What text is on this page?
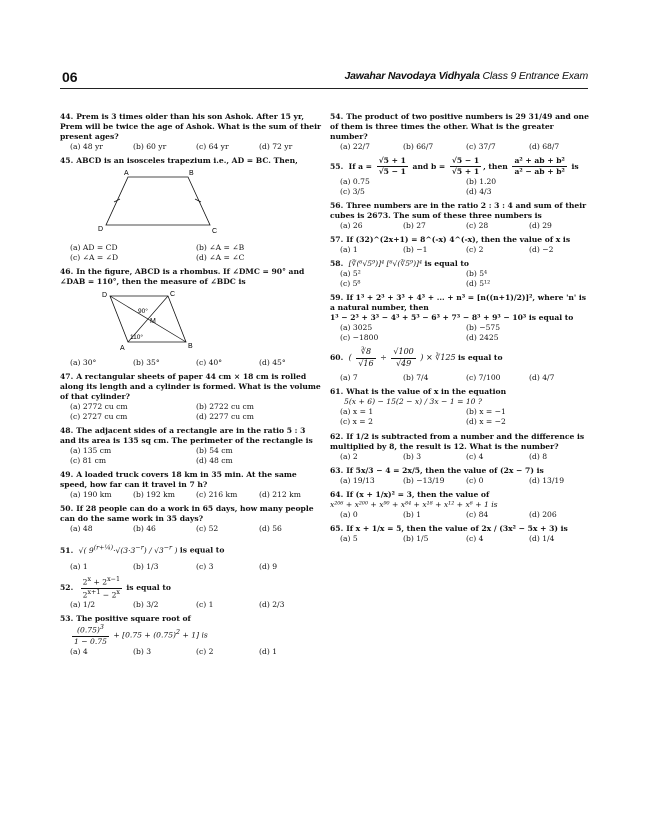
06	Jawahar Navodaya Vidhyala Class 9 Entrance Exam
44. Prem is 3 times older than his son Ashok. After 15 yr, Prem will be twice the age of Ashok. What is the sum of their present ages?
(a) 48 yr	(b) 60 yr	(c) 64 yr	(d) 72 yr
45. ABCD is an isosceles trapezium i.e., AD = BC. Then,
A	B
C
D
(a) AD = CD	(b) ∠A = ∠B
(c) ∠A = ∠D	(d) ∠A = ∠C
46. In the figure, ABCD is a rhombus. If ∠DMC = 90° and ∠DAB = 110°, then the measure of ∠BDC is
D	C
M
A	B
90°
110°
(a) 30°	(b) 35°	(c) 40°	(d) 45°
47. A rectangular sheets of paper 44 cm × 18 cm is rolled along its length and a cylinder is formed. What is the volume of that cylinder?
(a) 2772 cu cm	(b) 2722 cu cm
(c) 2727 cu cm	(d) 2277 cu cm
48. The adjacent sides of a rectangle are in the ratio 5 : 3 and its area is 135 sq cm. The perimeter of the rectangle is
(a) 135 cm	(b) 54 cm
(c) 81 cm	(d) 48 cm
49. A loaded truck covers 18 km in 35 min. At the same speed, how far can it travel in 7 h?
(a) 190 km	(b) 192 km	(c) 216 km	(d) 212 km
50. If 28 people can do a work in 65 days, how many people can do the same work in 35 days?
(a) 48	(b) 46	(c) 52	(d) 56
51. √( $9^{(r+\frac{1}{4})}\cdot√(3\cdot 3^{-r}) / √3^{-r}$ ) is equal to
(a) 1	(b) 1/3	(c) 3	(d) 9
52. $\frac{2^x + 2^{x-1}}{2^{x+1} - 2^x}$ is equal to
(a) 1/2	(b) 3/2	(c) 1	(d) 2/3
53. The positive square root of
$\frac{(0.75)^3}{1 - 0.75} + [0.75 + (0.75)^2 + 1]$ is
(a) 4	(b) 3	(c) 2	(d) 1
54. The product of two positive numbers is 29 31/49 and one of them is three times the other. What is the greater number?
(a) 22/7	(b) 66/7	(c) 37/7	(d) 68/7
55. If $a = \frac{√5 + 1}{√5 - 1}$ and $b = \frac{√5 - 1}{√5 + 1}$ , then $\frac{\text{a² + ab + b²}}{\text{a² − ab + b²}}$ is
(a) 0.75	(b) 1.20
(c) 3/5	(d) 4/3
56. Three numbers are in the ratio 2 : 3 : 4 and sum of their cubes is 2673. The sum of these three numbers is
(a) 26	(b) 27	(c) 28	(d) 29
57. If (32)^(2x+1) = 8^(-x) 4^(-x), then the value of x is
(a) 1	(b) −1	(c) 2	(d) −2
58. [∛(⁶√5⁹)]⁴ [⁶√(∛5⁹)]⁴ is equal to
(a) 5²	(b) 5⁴
(c) 5⁸	(d) 5¹²
59. If 1³ + 2³ + 3³ + 4³ + ... + n³ = [n((n+1)/2)]², where 'n' is a natural number, then
1³ − 2³ + 3³ − 4³ + 5³ − 6³ + 7³ − 8³ + 9³ − 10³ is equal to
(a) 3025	(b) −575
(c) −1800	(d) 2425
60. ( $\frac{∛8}{√16} \div \frac{√100}{√49}$ ) × ∛125 is equal to
(a) 7	(b) 7/4	(c) 7/100	(d) 4/7
61. What is the value of x in the equation
5(x + 6) − 15(2 − x) / 3x − 1 = 10 ?
(a) x = 1	(b) x = −1
(c) x = 2	(d) x = −2
62. If 1/2 is subtracted from a number and the difference is multiplied by 8, the result is 12. What is the number?
(a) 2	(b) 3	(c) 4	(d) 8
63. If 5x/3 − 4 = 2x/5, then the value of (2x − 7) is
(a) 19/13	(b) −13/19	(c) 0	(d) 13/19
64. If (x + 1/x)² = 3, then the value of
x²⁰⁶ + x²⁰⁰ + x⁹⁰ + x⁸⁴ + x¹⁸ + x¹² + x⁶ + 1 is
(a) 0	(b) 1	(c) 84	(d) 206
65. If x + 1/x = 5, then the value of 2x / (3x² − 5x + 3) is
(a) 5	(b) 1/5	(c) 4	(d) 1/4
